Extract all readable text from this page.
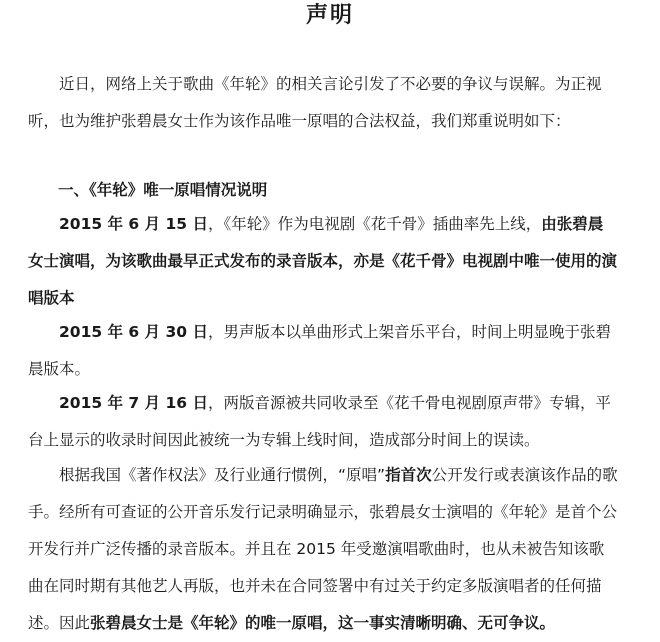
声明

近日，网络上关于歌曲《年轮》的相关言论引发了不必要的争议与误解。为正视听，也为维护张碧晨女士作为该作品唯一原唱的合法权益，我们郑重说明如下：

一、《年轮》唯一原唱情况说明

2015 年 6 月 15 日，《年轮》作为电视剧《花千骨》插曲率先上线，由张碧晨女士演唱，为该歌曲最早正式发布的录音版本，亦是《花千骨》电视剧中唯一使用的演唱版本

2015 年 6 月 30 日，男声版本以单曲形式上架音乐平台，时间上明显晚于张碧晨版本。

2015 年 7 月 16 日，两版音源被共同收录至《花千骨电视剧原声带》专辑，平台上显示的收录时间因此被统一为专辑上线时间，造成部分时间上的误读。

根据我国《著作权法》及行业通行惯例，“原唱”指首次公开发行或表演该作品的歌手。经所有可查证的公开音乐发行记录明确显示，张碧晨女士演唱的《年轮》是首个公开发行并广泛传播的录音版本。并且在 2015 年受邀演唱歌曲时，也从未被告知该歌曲在同时期有其他艺人再版，也并未在合同签署中有过关于约定多版演唱者的任何描述。因此张碧晨女士是《年轮》的唯一原唱，这一事实清晰明确、无可争议。
